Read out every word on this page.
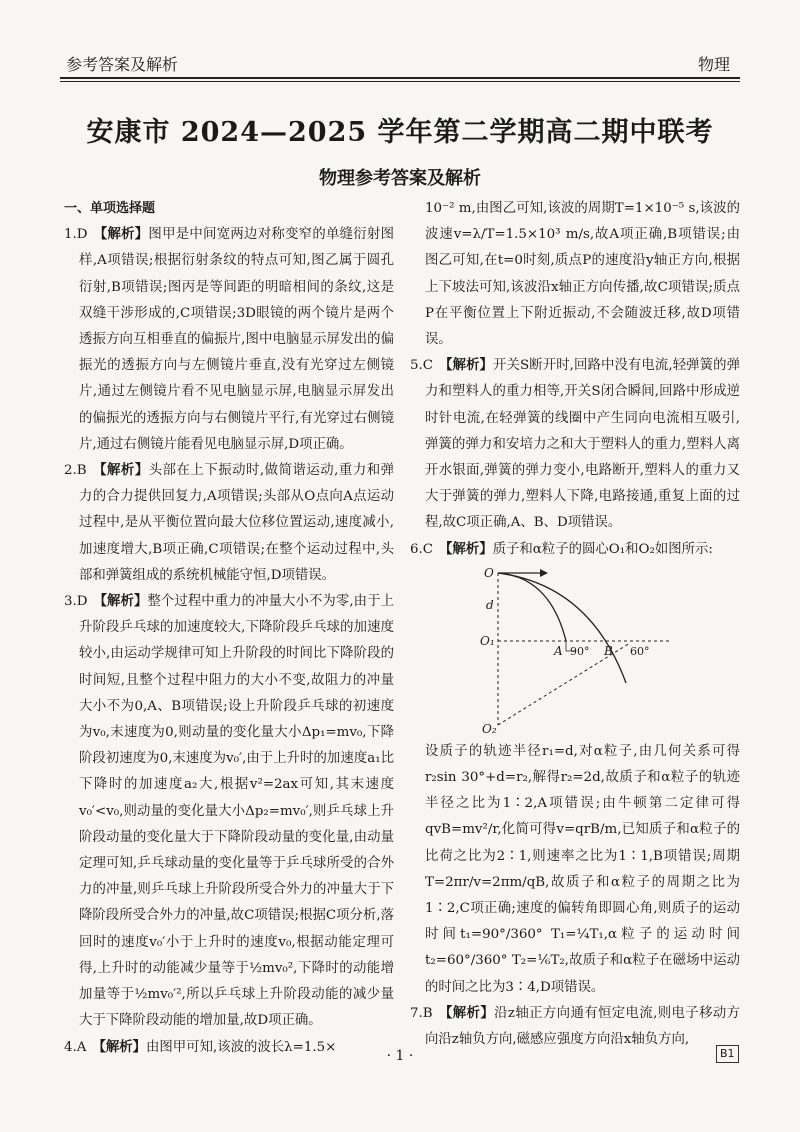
参考答案及解析	物理
安康市 2024—2025 学年第二学期高二期中联考
物理参考答案及解析
一、单项选择题

1.D 【解析】图甲是中间宽两边对称变窄的单缝衍射图样,A项错误;根据衍射条纹的特点可知,图乙属于圆孔衍射,B项错误;图丙是等间距的明暗相间的条纹,这是双缝干涉形成的,C项错误;3D眼镜的两个镜片是两个透振方向互相垂直的偏振片,图中电脑显示屏发出的偏振光的透振方向与左侧镜片垂直,没有光穿过左侧镜片,通过左侧镜片看不见电脑显示屏,电脑显示屏发出的偏振光的透振方向与右侧镜片平行,有光穿过右侧镜片,通过右侧镜片能看见电脑显示屏,D项正确。

2.B 【解析】头部在上下振动时,做简谐运动,重力和弹力的合力提供回复力,A项错误;头部从O点向A点运动过程中,是从平衡位置向最大位移位置运动,速度减小,加速度增大,B项正确,C项错误;在整个运动过程中,头部和弹簧组成的系统机械能守恒,D项错误。

3.D 【解析】整个过程中重力的冲量大小不为零,由于上升阶段乒乓球的加速度较大,下降阶段乒乓球的加速度较小,由运动学规律可知上升阶段的时间比下降阶段的时间短,且整个过程中阻力的大小不变,故阻力的冲量大小不为0,A、B项错误;设上升阶段乒乓球的初速度为v₀,末速度为0,则动量的变化量大小Δp₁=mv₀,下降阶段初速度为0,末速度为v₀′,由于上升时的加速度a₁比下降时的加速度a₂大,根据v²=2ax可知,其末速度v₀′<v₀,则动量的变化量大小Δp₂=mv₀′,则乒乓球上升阶段动量的变化量大于下降阶段动量的变化量,由动量定理可知,乒乓球动量的变化量等于乒乓球所受的合外力的冲量,则乒乓球上升阶段所受合外力的冲量大于下降阶段所受合外力的冲量,故C项错误;根据C项分析,落回时的速度v₀′小于上升时的速度v₀,根据动能定理可得,上升时的动能减少量等于½mv₀²,下降时的动能增加量等于½mv₀′²,所以乒乓球上升阶段动能的减少量大于下降阶段动能的增加量,故D项正确。

4.A 【解析】由图甲可知,该波的波长λ=1.5×

10⁻² m,由图乙可知,该波的周期T=1×10⁻⁵ s,该波的波速v=λ/T=1.5×10³ m/s,故A项正确,B项错误;由图乙可知,在t=0时刻,质点P的速度沿y轴正方向,根据上下坡法可知,该波沿x轴正方向传播,故C项错误;质点P在平衡位置上下附近振动,不会随波迁移,故D项错误。

5.C 【解析】开关S断开时,回路中没有电流,轻弹簧的弹力和塑料人的重力相等,开关S闭合瞬间,回路中形成逆时针电流,在轻弹簧的线圈中产生同向电流相互吸引,弹簧的弹力和安培力之和大于塑料人的重力,塑料人离开水银面,弹簧的弹力变小,电路断开,塑料人的重力又大于弹簧的弹力,塑料人下降,电路接通,重复上面的过程,故C项正确,A、B、D项错误。

6.C 【解析】质子和α粒子的圆心O₁和O₂如图所示:

O
d
O₁
A 90° B 60°
O₂

设质子的轨迹半径r₁=d,对α粒子,由几何关系可得r₂sin 30°+d=r₂,解得r₂=2d,故质子和α粒子的轨迹半径之比为1∶2,A项错误;由牛顿第二定律可得qvB=mv²/r,化简可得v=qrB/m,已知质子和α粒子的比荷之比为2∶1,则速率之比为1∶1,B项错误;周期T=2πr/v=2πm/qB,故质子和α粒子的周期之比为1∶2,C项正确;速度的偏转角即圆心角,则质子的运动时间t₁=90°/360° T₁=¼T₁,α粒子的运动时间t₂=60°/360° T₂=⅙T₂,故质子和α粒子在磁场中运动的时间之比为3∶4,D项错误。

7.B 【解析】沿z轴正方向通有恒定电流,则电子移动方向沿z轴负方向,磁感应强度方向沿x轴负方向,

· 1 ·	B1
